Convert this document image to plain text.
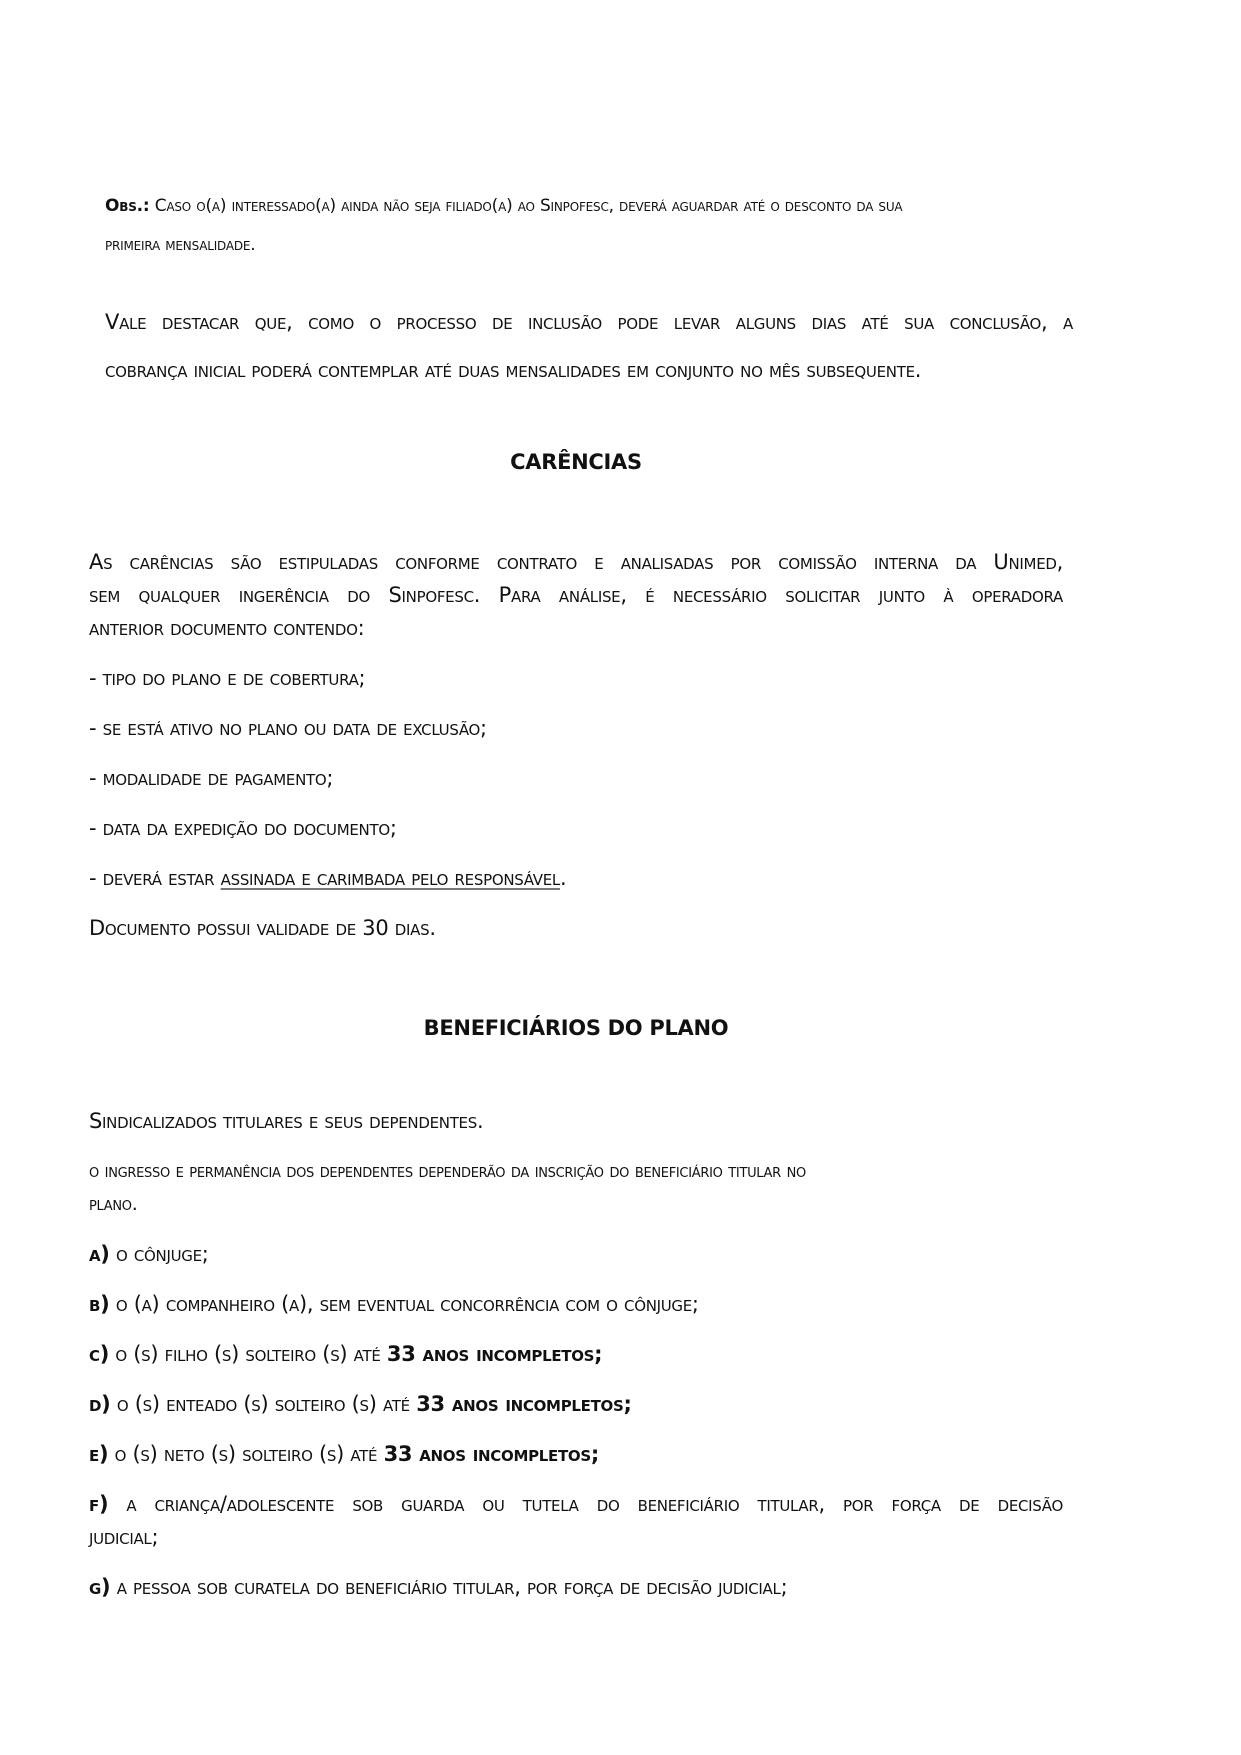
Obs.: Caso o(a) interessado(a) ainda não seja filiado(a) ao Sinpofesc, deverá aguardar até o desconto da sua
primeira mensalidade.
Vale destacar que, como o processo de inclusão pode levar alguns dias até sua conclusão, a
cobrança inicial poderá contemplar até duas mensalidades em conjunto no mês subsequente.
CARÊNCIAS
As carências são estipuladas conforme contrato e analisadas por comissão interna da Unimed,
sem qualquer ingerência do Sinpofesc. Para análise, é necessário solicitar junto à operadora
anterior documento contendo:
- tipo do plano e de cobertura;
- se está ativo no plano ou data de exclusão;
- modalidade de pagamento;
- data da expedição do documento;
- deverá estar assinada e carimbada pelo responsável.
Documento possui validade de 30 dias.
BENEFICIÁRIOS DO PLANO
Sindicalizados titulares e seus dependentes.
o ingresso e permanência dos dependentes dependerão da inscrição do beneficiário titular no
plano.
a) o cônjuge;
b) o (a) companheiro (a), sem eventual concorrência com o cônjuge;
c) o (s) filho (s) solteiro (s) até 33 anos incompletos;
d) o (s) enteado (s) solteiro (s) até 33 anos incompletos;
e) o (s) neto (s) solteiro (s) até 33 anos incompletos;
f) a criança/adolescente sob guarda ou tutela do beneficiário titular, por força de decisão
judicial;
g) a pessoa sob curatela do beneficiário titular, por força de decisão judicial;
